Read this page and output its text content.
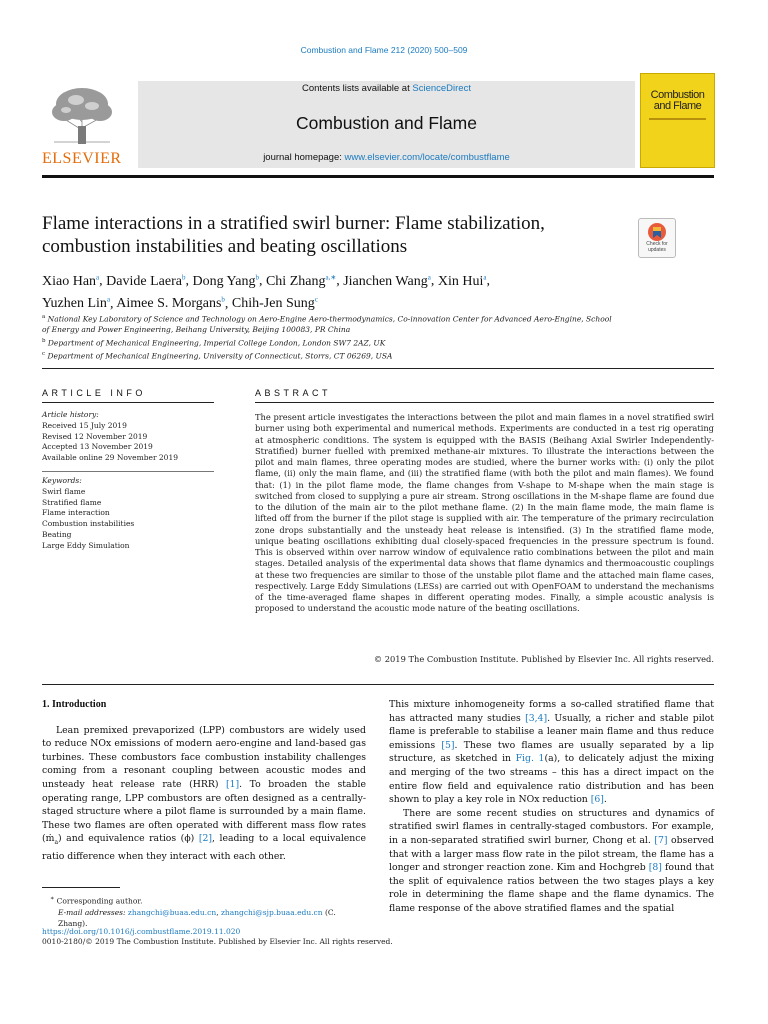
Combustion and Flame 212 (2020) 500–509
ELSEVIER
Contents lists available at ScienceDirect
Combustion and Flame
journal homepage: www.elsevier.com/locate/combustflame
Combustion
and Flame
Flame interactions in a stratified swirl burner: Flame stabilization,
combustion instabilities and beating oscillations	Check for
updates
Xiao Han$^a$, Davide Laera$^b$, Dong Yang$^b$, Chi Zhang$^{a,∗}$, Jianchen Wang$^a$, Xin Hui$^a$,
Yuzhen Lin$^a$, Aimee S. Morgans$^b$, Chih-Jen Sung$^c$
$^a$ National Key Laboratory of Science and Technology on Aero-Engine Aero-thermodynamics, Co-innovation Center for Advanced Aero-Engine, School of Energy and Power Engineering, Beihang University, Beijing 100083, PR China
$^b$ Department of Mechanical Engineering, Imperial College London, London SW7 2AZ, UK
$^c$ Department of Mechanical Engineering, University of Connecticut, Storrs, CT 06269, USA
ARTICLE INFO
Article history:
Received 15 July 2019
Revised 12 November 2019
Accepted 13 November 2019
Available online 29 November 2019
Keywords:
Swirl flame
Stratified flame
Flame interaction
Combustion instabilities
Beating
Large Eddy Simulation
ABSTRACT
The present article investigates the interactions between the pilot and main flames in a novel stratified swirl burner using both experimental and numerical methods. Experiments are conducted in a test rig operating at atmospheric conditions. The system is equipped with the BASIS (Beihang Axial Swirler Independently-Stratified) burner fuelled with premixed methane-air mixtures. To illustrate the interactions between the pilot and main flames, three operating modes are studied, where the burner works with: (i) only the pilot flame, (ii) only the main flame, and (iii) the stratified flame (with both the pilot and main flames). We found that: (1) in the pilot flame mode, the flame changes from V-shape to M-shape when the main stage is switched from closed to supplying a pure air stream. Strong oscillations in the M-shape flame are found due to the dilution of the main air to the pilot methane flame. (2) In the main flame mode, the main flame is lifted off from the burner if the pilot stage is supplied with air. The temperature of the primary recirculation zone drops substantially and the unsteady heat release is intensified. (3) In the stratified flame mode, unique beating oscillations exhibiting dual closely-spaced frequencies in the pressure spectrum is found. This is observed within over narrow window of equivalence ratio combinations between the pilot and main stages. Detailed analysis of the experimental data shows that flame dynamics and thermoacoustic couplings at these two frequencies are similar to those of the unstable pilot flame and the attached main flame cases, respectively. Large Eddy Simulations (LESs) are carried out with OpenFOAM to understand the mechanisms of the time-averaged flame shapes in different operating modes. Finally, a simple acoustic analysis is proposed to understand the acoustic mode nature of the beating oscillations.
© 2019 The Combustion Institute. Published by Elsevier Inc. All rights reserved.

1. Introduction

Lean premixed prevaporized (LPP) combustors are widely used to reduce NOx emissions of modern aero-engine and land-based gas turbines. These combustors face combustion instability challenges coming from a resonant coupling between acoustic modes and unsteady heat release rate (HRR) [1]. To broaden the stable operating range, LPP combustors are often designed as a centrally-staged structure where a pilot flame is surrounded by a main flame. These two flames are often operated with different mass flow rates (ṁ$_a$) and equivalence ratios (ϕ) [2], leading to a local equivalence ratio difference when they interact with each other.

This mixture inhomogeneity forms a so-called stratified flame that has attracted many studies [3,4]. Usually, a richer and stable pilot flame is preferable to stabilise a leaner main flame and thus reduce emissions [5]. These two flames are usually separated by a lip structure, as sketched in Fig. 1(a), to delicately adjust the mixing and merging of the two streams – this has a direct impact on the entire flow field and equivalence ratio distribution and has been shown to play a key role in NOx reduction [6].

There are some recent studies on structures and dynamics of stratified swirl flames in centrally-staged combustors. For example, in a non-separated stratified swirl burner, Chong et al. [7] observed that with a larger mass flow rate in the pilot stream, the flame has a longer and stronger reaction zone. Kim and Hochgreb [8] found that the split of equivalence ratios between the two stages plays a key role in determining the flame shape and the flame dynamics. The flame response of the above stratified flames and the spatial

∗ Corresponding author.
E-mail addresses: zhangchi@buaa.edu.cn, zhangchi@sjp.buaa.edu.cn (C. Zhang).
https://doi.org/10.1016/j.combustflame.2019.11.020
0010-2180/© 2019 The Combustion Institute. Published by Elsevier Inc. All rights reserved.
